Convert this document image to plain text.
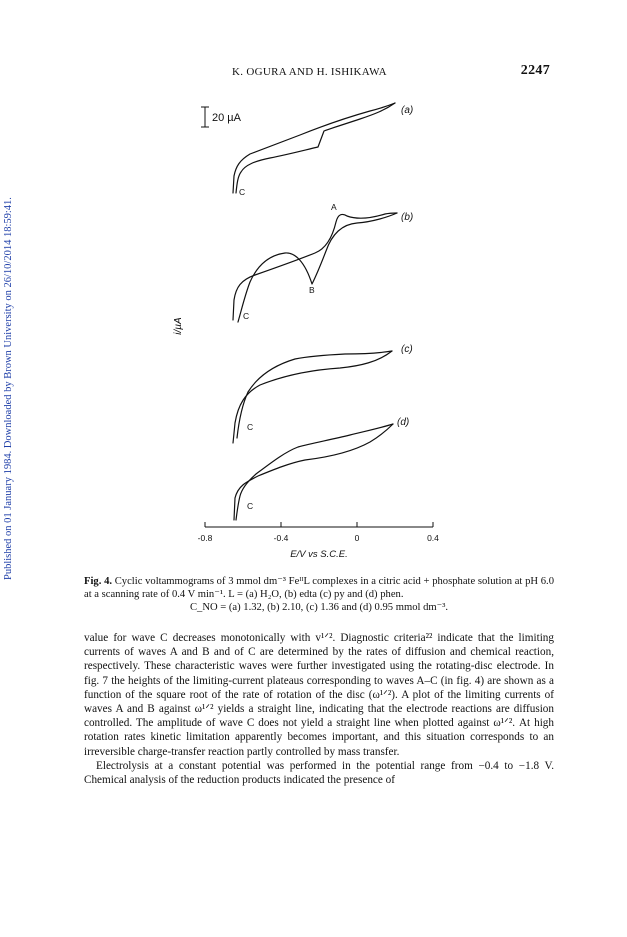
Published on 01 January 1984. Downloaded by Brown University on 26/10/2014 18:59:41.
K. OGURA AND H. ISHIKAWA	2247
20 µA
i/µA
C
A
B
C
C
C
(a)
(b)
(c)
(d)
-0.8	-0.4	0	0.4
E/V vs S.C.E.
Fig. 4. Cyclic voltammograms of 3 mmol dm⁻³ FeᴵᴵL complexes in a citric acid + phosphate solution at pH 6.0 at a scanning rate of 0.4 V min⁻¹. L = (a) H₂O, (b) edta (c) py and (d) phen.
C_NO = (a) 1.32, (b) 2.10, (c) 1.36 and (d) 0.95 mmol dm⁻³.

value for wave C decreases monotonically with v¹ᐟ². Diagnostic criteria²² indicate that the limiting currents of waves A and B and of C are determined by the rates of diffusion and chemical reaction, respectively. These characteristic waves were further investigated using the rotating-disc electrode. In fig. 7 the heights of the limiting-current plateaus corresponding to waves A–C (in fig. 4) are shown as a function of the square root of the rate of rotation of the disc (ω¹ᐟ²). A plot of the limiting currents of waves A and B against ω¹ᐟ² yields a straight line, indicating that the electrode reactions are diffusion controlled. The amplitude of wave C does not yield a straight line when plotted against ω¹ᐟ². At high rotation rates kinetic limitation apparently becomes important, and this situation corresponds to an irreversible charge-transfer reaction partly controlled by mass transfer.

Electrolysis at a constant potential was performed in the potential range from −0.4 to −1.8 V. Chemical analysis of the reduction products indicated the presence of
